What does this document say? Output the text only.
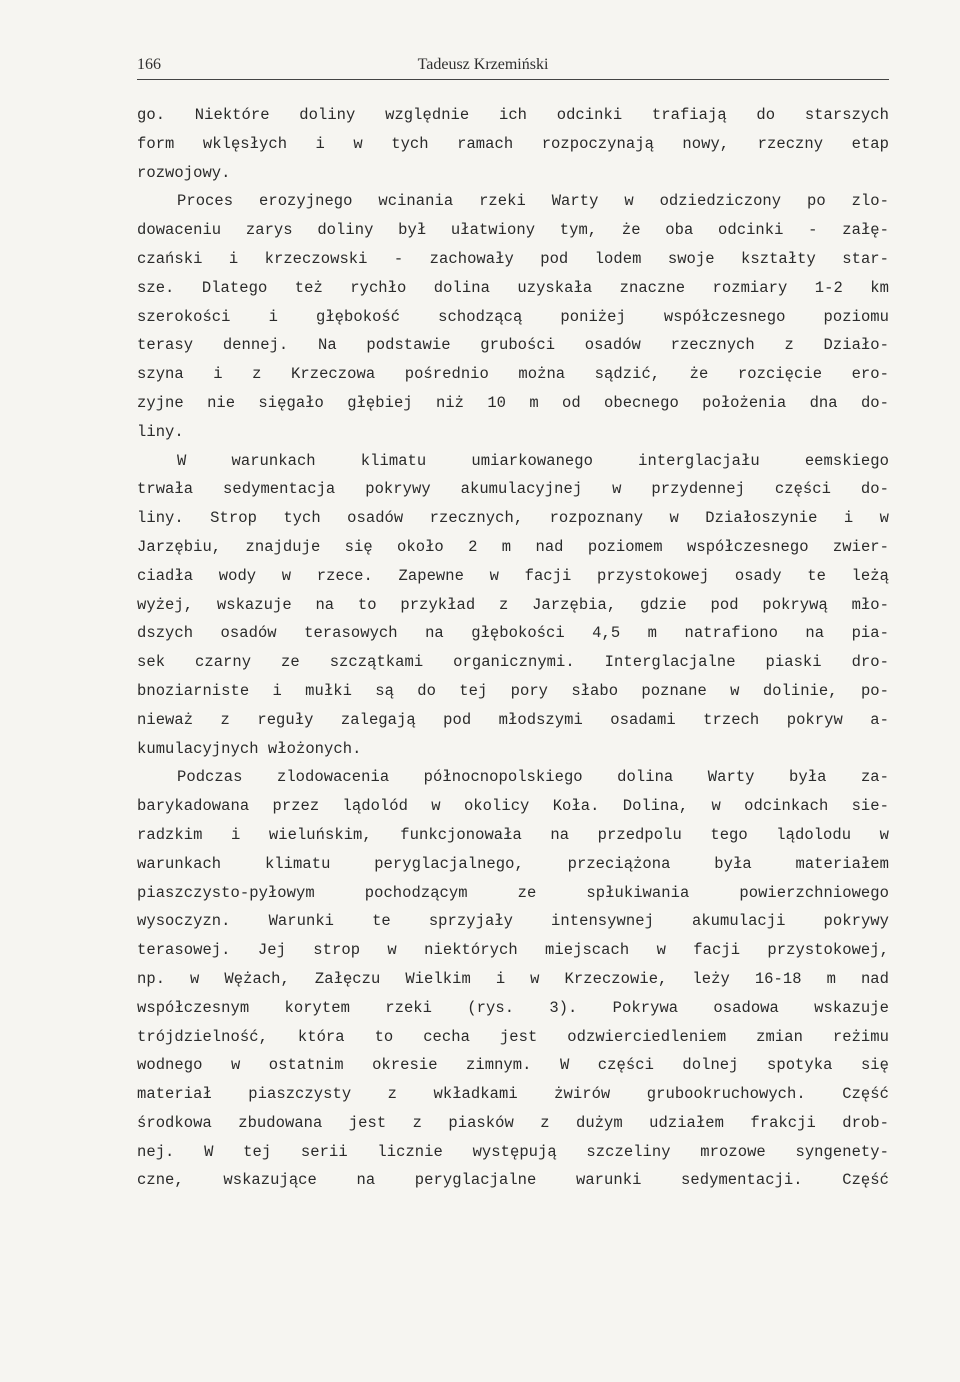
166	Tadeusz Krzemiński
go. Niektóre doliny względnie ich odcinki trafiają do starszych
form wklęsłych i w tych ramach rozpoczynają nowy, rzeczny etap
rozwojowy.
Proces erozyjnego wcinania rzeki Warty w odziedziczony po zlo-
dowaceniu zarys doliny był ułatwiony tym, że oba odcinki - załę-
czański i krzeczowski - zachowały pod lodem swoje kształty star-
sze. Dlatego też rychło dolina uzyskała znaczne rozmiary 1-2 km
szerokości i głębokość schodzącą poniżej współczesnego poziomu
terasy dennej. Na podstawie grubości osadów rzecznych z Działo-
szyna i z Krzeczowa pośrednio można sądzić, że rozcięcie ero-
zyjne nie sięgało głębiej niż 10 m od obecnego położenia dna do-
liny.
W warunkach klimatu umiarkowanego interglacjału eemskiego
trwała sedymentacja pokrywy akumulacyjnej w przydennej części do-
liny. Strop tych osadów rzecznych, rozpoznany w Działoszynie i w
Jarzębiu, znajduje się około 2 m nad poziomem współczesnego zwier-
ciadła wody w rzece. Zapewne w facji przystokowej osady te leżą
wyżej, wskazuje na to przykład z Jarzębia, gdzie pod pokrywą mło-
dszych osadów terasowych na głębokości 4,5 m natrafiono na pia-
sek czarny ze szczątkami organicznymi. Interglacjalne piaski dro-
bnoziarniste i mułki są do tej pory słabo poznane w dolinie, po-
nieważ z reguły zalegają pod młodszymi osadami trzech pokryw a-
kumulacyjnych włożonych.
Podczas zlodowacenia północnopolskiego dolina Warty była za-
barykadowana przez lądolód w okolicy Koła. Dolina, w odcinkach sie-
radzkim i wieluńskim, funkcjonowała na przedpolu tego lądolodu w
warunkach klimatu peryglacjalnego, przeciążona była materiałem
piaszczysto-pyłowym pochodzącym ze spłukiwania powierzchniowego
wysoczyzn. Warunki te sprzyjały intensywnej akumulacji pokrywy
terasowej. Jej strop w niektórych miejscach w facji przystokowej,
np. w Wężach, Załęczu Wielkim i w Krzeczowie, leży 16-18 m nad
współczesnym korytem rzeki (rys. 3). Pokrywa osadowa wskazuje
trójdzielność, która to cecha jest odzwierciedleniem zmian reżimu
wodnego w ostatnim okresie zimnym. W części dolnej spotyka się
materiał piaszczysty z wkładkami żwirów grubookruchowych. Część
środkowa zbudowana jest z piasków z dużym udziałem frakcji drob-
nej. W tej serii licznie występują szczeliny mrozowe syngenety-
czne, wskazujące na peryglacjalne warunki sedymentacji. Część
